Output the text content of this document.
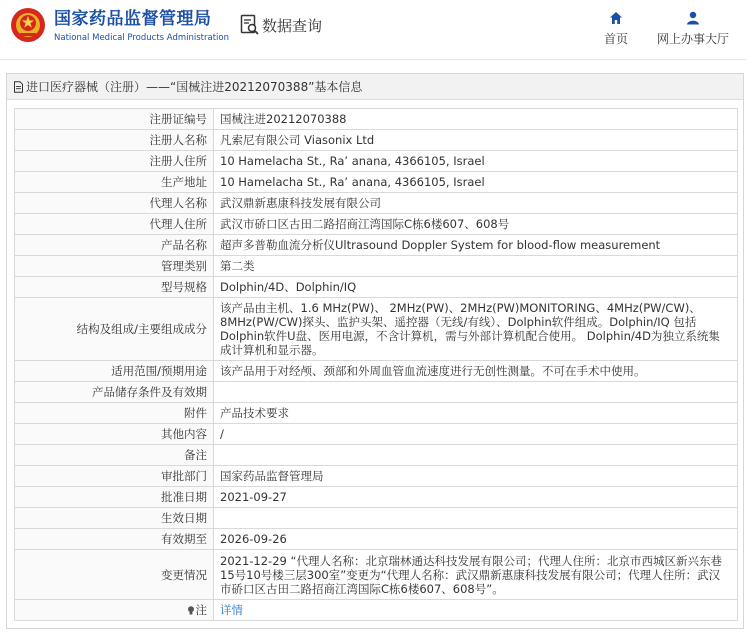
国家药品监督管理局
National Medical Products Administration
数据查询
首页	网上办事大厅
进口医疗器械（注册）——“国械注进20212070388”基本信息
注册证编号	国械注进20212070388
注册人名称	凡索尼有限公司 Viasonix Ltd
注册人住所	10 Hamelacha St., Ra’ anana, 4366105, Israel
生产地址	10 Hamelacha St., Ra’ anana, 4366105, Israel
代理人名称	武汉鼎新惠康科技发展有限公司
代理人住所	武汉市硚口区古田二路招商江湾国际C栋6楼607、608号
产品名称	超声多普勒血流分析仪Ultrasound Doppler System for blood-flow measurement
管理类别	第二类
型号规格	Dolphin/4D、Dolphin/IQ
结构及组成/主要组成成分	该产品由主机、1.6 MHz(PW)、 2MHz(PW)、2MHz(PW)MONITORING、4MHz(PW/CW)、8MHz(PW/CW)探头、监护头架、遥控器（无线/有线）、Dolphin软件组成。Dolphin/IQ 包括Dolphin软件U盘、医用电源，不含计算机，需与外部计算机配合使用。 Dolphin/4D为独立系统集成计算机和显示器。
适用范围/预期用途	该产品用于对经颅、颈部和外周血管血流速度进行无创性测量。不可在手术中使用。
产品储存条件及有效期	
附件	产品技术要求
其他内容	/
备注	
审批部门	国家药品监督管理局
批准日期	2021-09-27
生效日期	
有效期至	2026-09-26
变更情况	2021-12-29 “代理人名称：北京瑞林通达科技发展有限公司；代理人住所：北京市西城区新兴东巷15号10号楼三层300室”变更为“代理人名称：武汉鼎新惠康科技发展有限公司；代理人住所：武汉市硚口区古田二路招商江湾国际C栋6楼607、608号”。
注	详情
